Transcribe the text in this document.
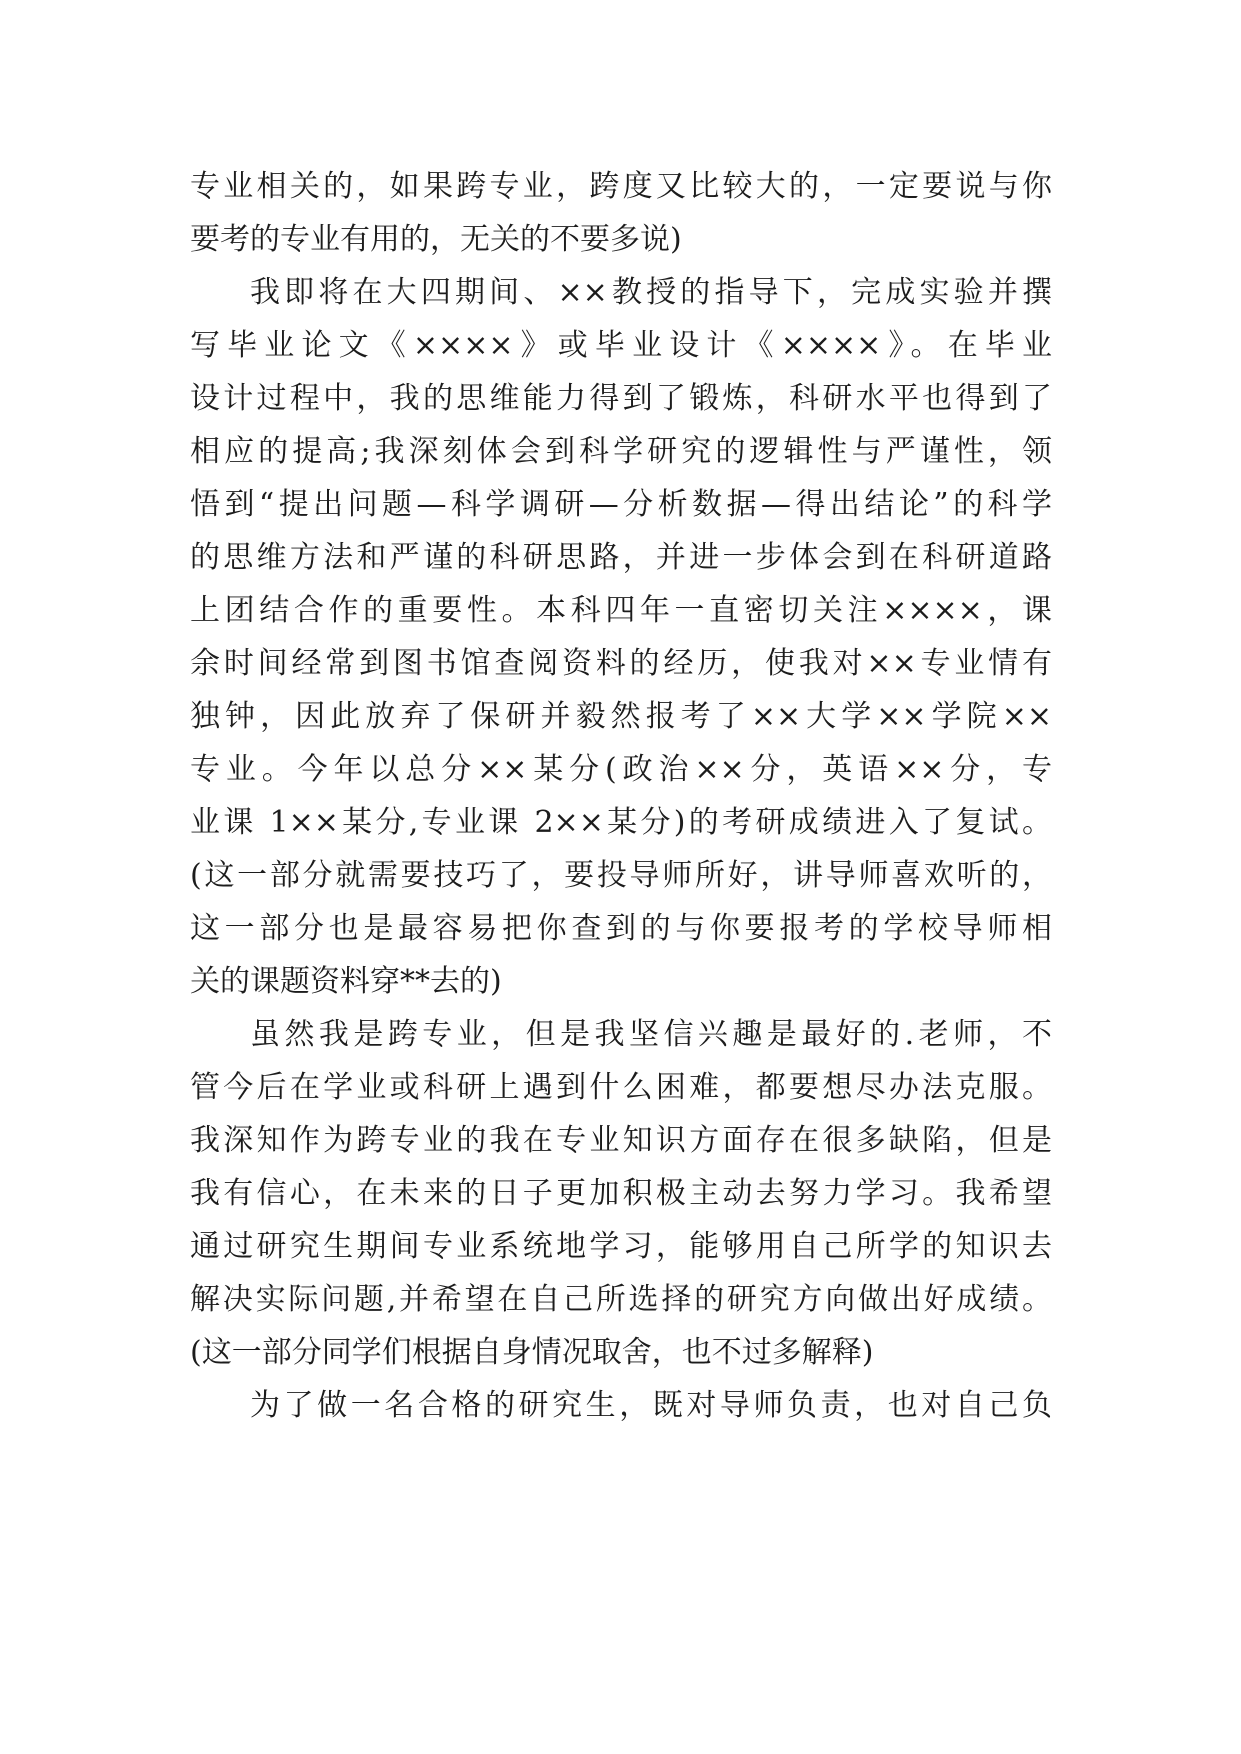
专业相关的，如果跨专业，跨度又比较大的，一定要说与你
要考的专业有用的，无关的不要多说)
我即将在大四期间、××教授的指导下，完成实验并撰
写毕业论文《××××》或毕业设计《××××》。在毕业
设计过程中，我的思维能力得到了锻炼，科研水平也得到了
相应的提高;我深刻体会到科学研究的逻辑性与严谨性，领
悟到“提出问题—科学调研—分析数据—得出结论”的科学
的思维方法和严谨的科研思路，并进一步体会到在科研道路
上团结合作的重要性。本科四年一直密切关注××××，课
余时间经常到图书馆查阅资料的经历，使我对××专业情有
独钟，因此放弃了保研并毅然报考了××大学××学院××
专业。今年以总分××某分(政治××分，英语××分，专
业课 1××某分,专业课 2××某分)的考研成绩进入了复试。
(这一部分就需要技巧了，要投导师所好，讲导师喜欢听的，
这一部分也是最容易把你查到的与你要报考的学校导师相
关的课题资料穿**去的)
虽然我是跨专业，但是我坚信兴趣是最好的.老师，不
管今后在学业或科研上遇到什么困难，都要想尽办法克服。
我深知作为跨专业的我在专业知识方面存在很多缺陷，但是
我有信心，在未来的日子更加积极主动去努力学习。我希望
通过研究生期间专业系统地学习，能够用自己所学的知识去
解决实际问题,并希望在自己所选择的研究方向做出好成绩。
(这一部分同学们根据自身情况取舍，也不过多解释)
为了做一名合格的研究生，既对导师负责，也对自己负
